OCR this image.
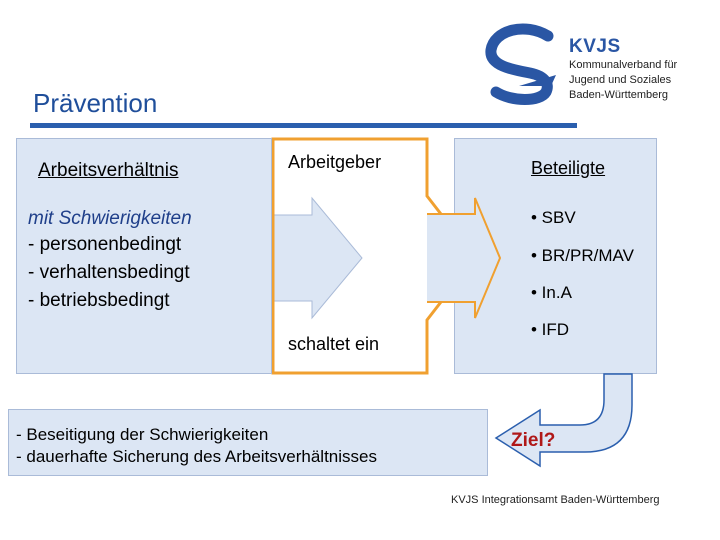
KVJS
Kommunalverband für
Jugend und Soziales
Baden-Württemberg
Prävention
Arbeitsverhältnis
mit Schwierigkeiten
- personenbedingt
- verhaltensbedingt
- betriebsbedingt
Arbeitgeber
schaltet ein
Beteiligte
• SBV
• BR/PR/MAV
• In.A
• IFD
- Beseitigung der Schwierigkeiten
- dauerhafte Sicherung des Arbeitsverhältnisses
Ziel?
KVJS Integrationsamt Baden-Württemberg
